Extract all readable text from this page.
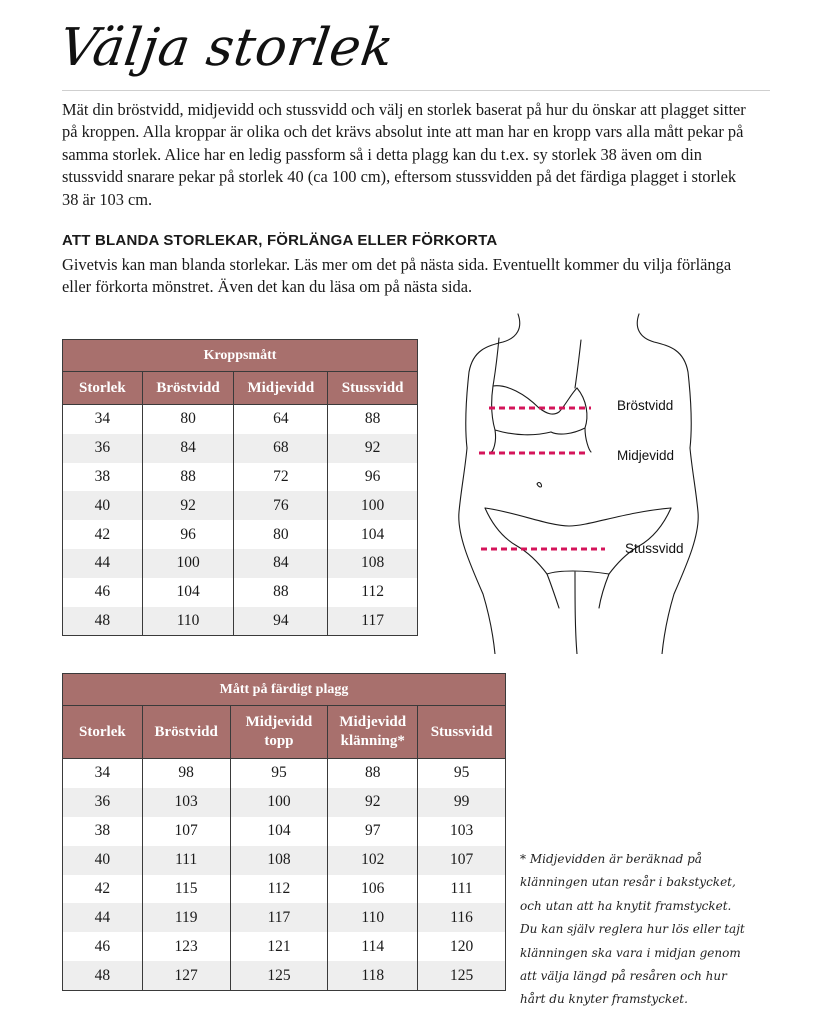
Välja storlek
Mät din bröstvidd, midjevidd och stussvidd och välj en storlek baserat på hur du önskar att plagget sitter på kroppen. Alla kroppar är olika och det krävs absolut inte att man har en kropp vars alla mått pekar på samma storlek. Alice har en ledig passform så i detta plagg kan du t.ex. sy storlek 38 även om din stussvidd snarare pekar på storlek 40 (ca 100 cm), eftersom stussvidden på det färdiga plagget i storlek 38 är 103 cm.
ATT BLANDA STORLEKAR, FÖRLÄNGA ELLER FÖRKORTA
Givetvis kan man blanda storlekar. Läs mer om det på nästa sida. Eventuellt kommer du vilja förlänga eller förkorta mönstret. Även det kan du läsa om på nästa sida.
Kroppsmått			
Storlek	Bröstvidd	Midjevidd	Stussvidd
34	80	64	88
36	84	68	92
38	88	72	96
40	92	76	100
42	96	80	104
44	100	84	108
46	104	88	112
48	110	94	117
Bröstvidd
Midjevidd
Stussvidd
Mått på färdigt plagg				
Storlek	Bröstvidd	Midjevidd topp	Midjevidd klänning*	Stussvidd
34	98	95	88	95
36	103	100	92	99
38	107	104	97	103
40	111	108	102	107
42	115	112	106	111
44	119	117	110	116
46	123	121	114	120
48	127	125	118	125
* Midjevidden är beräknad på klänningen utan resår i bakstycket, och utan att ha knytit framstycket. Du kan själv reglera hur lös eller tajt klänningen ska vara i midjan genom att välja längd på resåren och hur hårt du knyter framstycket.
